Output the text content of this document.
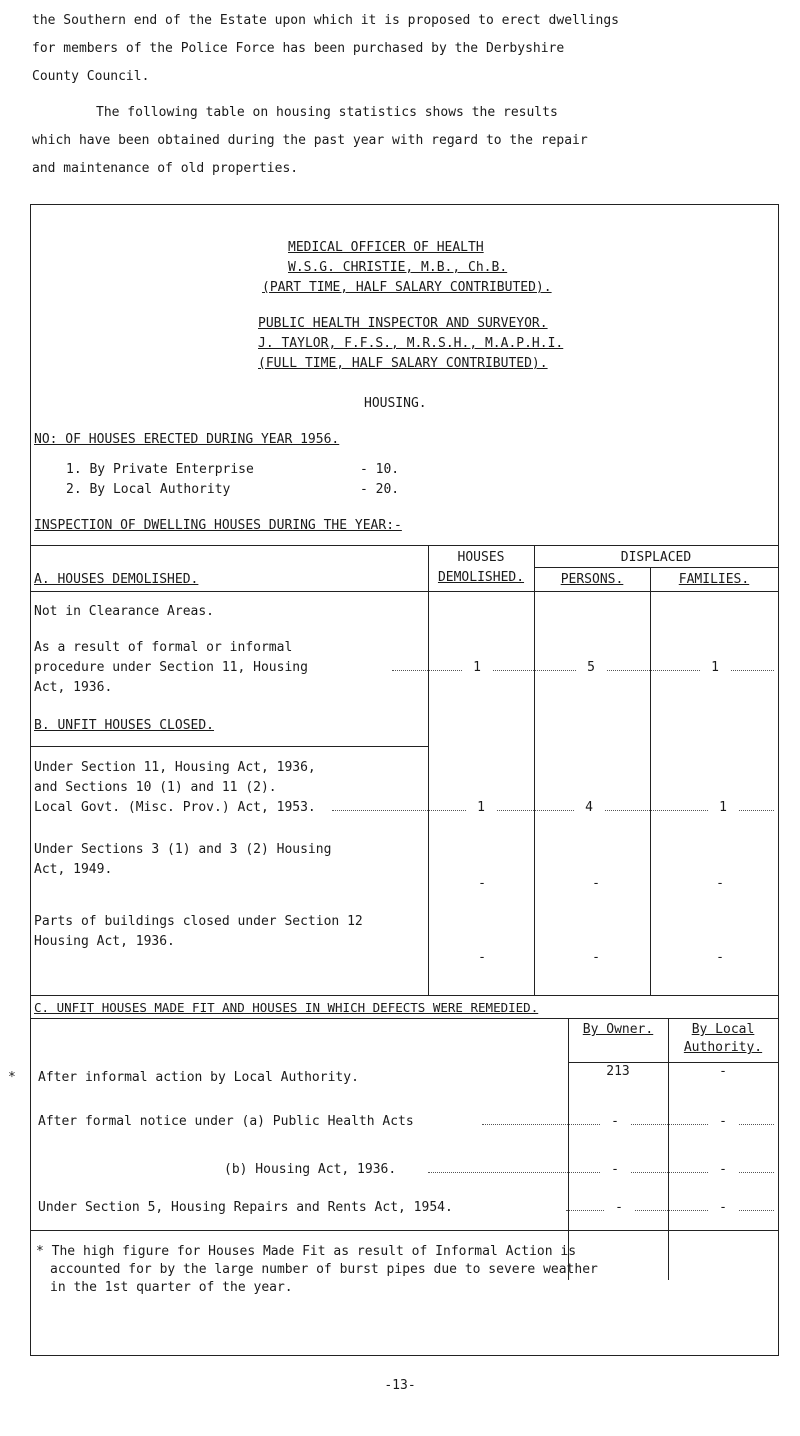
the Southern end of the Estate upon which it is proposed to erect dwellings
for members of the Police Force has been purchased by the Derbyshire
County Council.
The following table on housing statistics shows the results
which have been obtained during the past year with regard to the repair
and maintenance of old properties.
MEDICAL OFFICER OF HEALTH
W.S.G. CHRISTIE, M.B., Ch.B.
(PART TIME, HALF SALARY CONTRIBUTED).
PUBLIC HEALTH INSPECTOR AND SURVEYOR.
J. TAYLOR, F.F.S., M.R.S.H., M.A.P.H.I.
(FULL TIME, HALF SALARY CONTRIBUTED).
HOUSING.
NO: OF HOUSES ERECTED DURING YEAR 1956.
1. By Private Enterprise	- 10.
2. By Local Authority	- 20.
INSPECTION OF DWELLING HOUSES DURING THE YEAR:-
A. HOUSES DEMOLISHED.
HOUSES
DEMOLISHED.
DISPLACED
PERSONS.	FAMILIES.
Not in Clearance Areas.
As a result of formal or informal
procedure under Section 11, Housing
Act, 1936.
1	5	1
B. UNFIT HOUSES CLOSED.
Under Section 11, Housing Act, 1936,
and Sections 10 (1) and 11 (2).
Local Govt. (Misc. Prov.) Act, 1953.	1	4	1
Under Sections 3 (1) and 3 (2) Housing
Act, 1949.
-	-	-
Parts of buildings closed under Section 12
Housing Act, 1936.
-	-	-
C. UNFIT HOUSES MADE FIT AND HOUSES IN WHICH DEFECTS WERE REMEDIED.
By Owner.	By Local
Authority.
* After informal action by Local Authority.	213	-
After formal notice under (a) Public Health Acts	-	-
(b) Housing Act, 1936.	-	-
Under Section 5, Housing Repairs and Rents Act, 1954.	-	-
* The high figure for Houses Made Fit as result of Informal Action is
accounted for by the large number of burst pipes due to severe weather
in the 1st quarter of the year.
-13-
